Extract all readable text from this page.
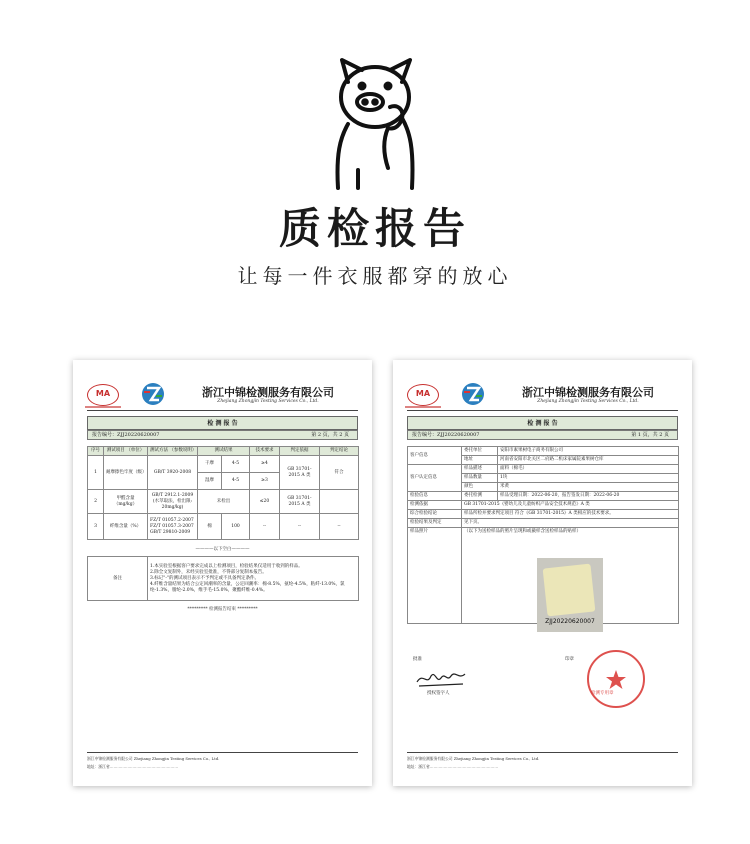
质检报告
让每一件衣服都穿的放心
MA	浙江中锦检测服务有限公司
Zhejiang Zhongjin Testing Services Co., Ltd.
检 测 报 告
报告编号：ZJJ20220620007	第 2 页，共 2 页
序号	测试项目 （单位）	测试方法 （参数说明）	测试结果		技术要求	判定依据	判定结论
1	耐摩擦色牢度（级）	GB/T 3920-2008	干摩	4-5	≥4	GB 31701-2015 A 类	符合
			湿摩	4-5	≥3		
2	甲醛含量（mg/kg）	GB/T 2912.1-2009 (水萃取法，检出限: 20mg/kg)	未检出		≤20	GB 31701-2015 A 类	
3	纤维含量（%）	FZ/T 01057.2-2007 FZ/T 01057.3-2007 GB/T 29810-2009	棉	100	--	--	--
————以下空白————
备注	
1.本实验室根据客户要求完成以上检测项目，检验结果仅适用于收到的样品。
2.除全文复制外，未经实验室批准，不得部分复制本报告。
3.标记"-"的测试项目表示不予判定或不具备判定条件。
4.纤维含量结果为结合公定回潮率的含量，公定回潮率：棉-8.5%，氨纶-4.5%，粘纤-13.0%，氯纶-1.3%，腈纶-2.0%，维手毛-15.0%，聚酯纤维-0.4%。
********* 检测报告结束 *********
浙江中锦检测服务有限公司 Zhejiang Zhongjin Testing Services Co., Ltd.
地址：浙江省………………………………………………
MA	浙江中锦检测服务有限公司
Zhejiang Zhongjin Testing Services Co., Ltd.
检 测 报 告
报告编号：ZJJ20220620007	第 1 页，共 2 页
客户信息	委托单位	安阳市素果树电子商务有限公司
	地址	河南省安阳市北关区二府路二机床家属院素果树仓库
客户认定信息	样品描述	面料（棉毛）
	样品数量	1块
	颜色	米黄
检验信息	委托检测	样品受理日期：2022-06-20，报告签发日期：2022-06-20
检测依据	GB 31701-2015《婴幼儿及儿童纺织产品安全技术规范》A 类	
综合检验结论	样品所检并要求判定项目 符合《GB 31701-2015》A 类相应的技术要求。	
检验结果及判定	见下页。	
样品照片	（以下为送检样品的照片呈现和或截样含送检样品的贴样）	
ZJJ20220620007
批准
授权签字人
印章
检测专用章
浙江中锦检测服务有限公司 Zhejiang Zhongjin Testing Services Co., Ltd.
地址：浙江省………………………………………………
